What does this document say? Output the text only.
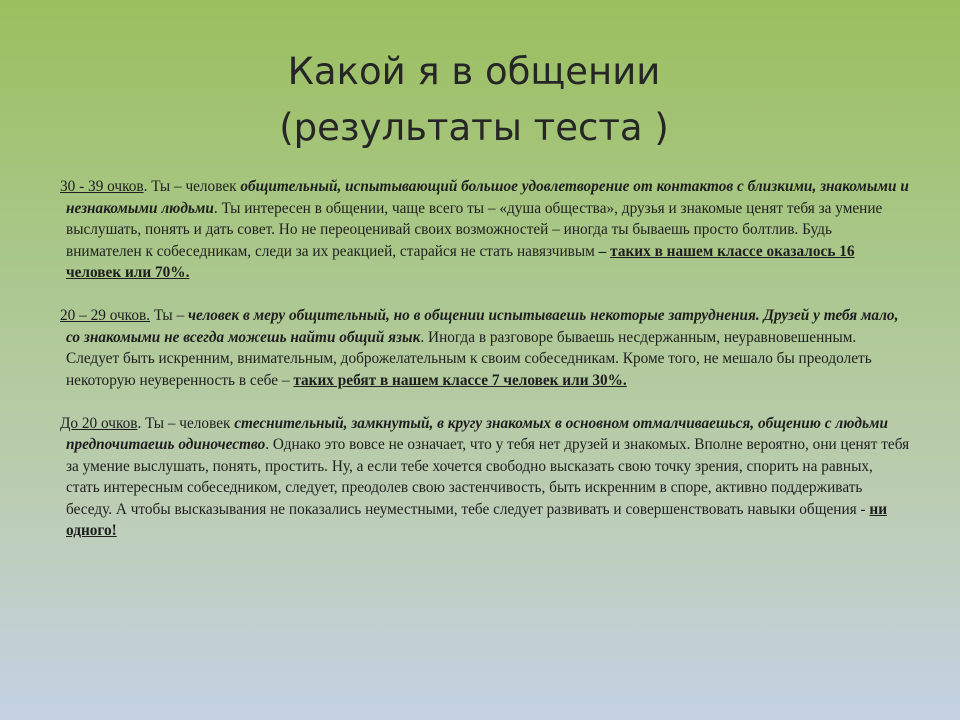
Какой я в общении
(результаты теста )

30 - 39 очков. Ты – человек общительный, испытывающий большое удовлетворение от контактов с близкими, знакомыми и незнакомыми людьми. Ты интересен в общении, чаще всего ты – «душа общества», друзья и знакомые ценят тебя за умение выслушать, понять и дать совет. Но не переоценивай своих возможностей – иногда ты бываешь просто болтлив. Будь внимателен к собеседникам, следи за их реакцией, старайся не стать навязчивым – таких в нашем классе оказалось 16 человек или 70%.

20 – 29 очков. Ты – человек в меру общительный, но в общении испытываешь некоторые затруднения. Друзей у тебя мало, со знакомыми не всегда можешь найти общий язык. Иногда в разговоре бываешь несдержанным, неуравновешенным. Следует быть искренним, внимательным, доброжелательным к своим собеседникам. Кроме того, не мешало бы преодолеть некоторую неуверенность в себе – таких ребят в нашем классе 7 человек или 30%.

До 20 очков. Ты – человек стеснительный, замкнутый, в кругу знакомых в основном отмалчиваешься, общению с людьми предпочитаешь одиночество. Однако это вовсе не означает, что у тебя нет друзей и знакомых. Вполне вероятно, они ценят тебя за умение выслушать, понять, простить. Ну, а если тебе хочется свободно высказать свою точку зрения, спорить на равных, стать интересным собеседником, следует, преодолев свою застенчивость, быть искренним в споре, активно поддерживать беседу. А чтобы высказывания не показались неуместными, тебе следует развивать и совершенствовать навыки общения - ни одного!
